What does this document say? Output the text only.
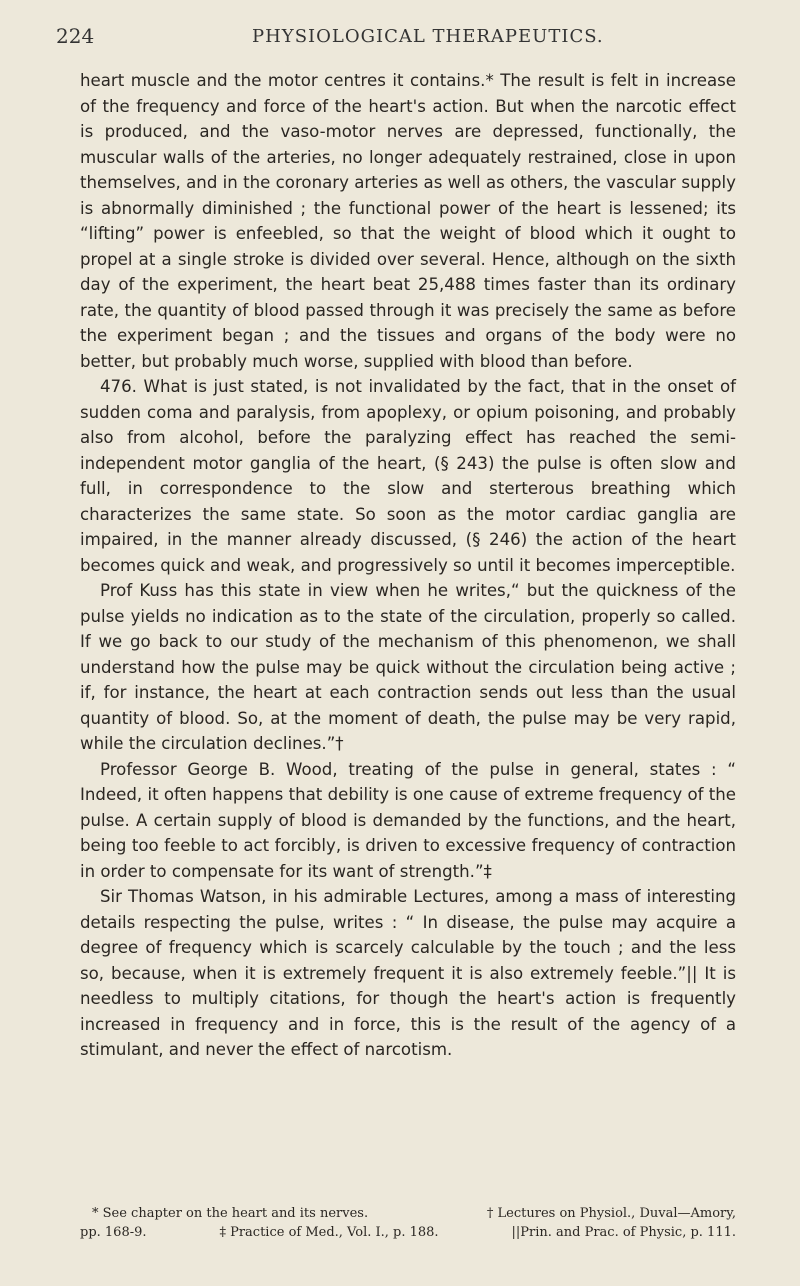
224	PHYSIOLOGICAL THERAPEUTICS.

heart muscle and the motor centres it contains.* The result is felt in increase of the frequency and force of the heart's action. But when the narcotic effect is produced, and the vaso-motor nerves are depressed, functionally, the muscular walls of the arteries, no longer adequately restrained, close in upon themselves, and in the coronary arteries as well as others, the vascular supply is abnormally diminished ; the functional power of the heart is lessened; its “lifting” power is enfeebled, so that the weight of blood which it ought to propel at a single stroke is divided over several. Hence, although on the sixth day of the experiment, the heart beat 25,488 times faster than its ordinary rate, the quantity of blood passed through it was precisely the same as before the experiment began ; and the tissues and organs of the body were no better, but probably much worse, supplied with blood than before.

476. What is just stated, is not invalidated by the fact, that in the onset of sudden coma and paralysis, from apoplexy, or opium poisoning, and probably also from alcohol, before the paralyzing effect has reached the semi-independent motor ganglia of the heart, (§ 243) the pulse is often slow and full, in correspondence to the slow and sterterous breathing which characterizes the same state. So soon as the motor cardiac ganglia are impaired, in the manner already discussed, (§ 246) the action of the heart becomes quick and weak, and progressively so until it becomes imperceptible.

Prof Kuss has this state in view when he writes,“ but the quickness of the pulse yields no indication as to the state of the circulation, properly so called. If we go back to our study of the mechanism of this phenomenon, we shall understand how the pulse may be quick without the circulation being active ; if, for instance, the heart at each contraction sends out less than the usual quantity of blood. So, at the moment of death, the pulse may be very rapid, while the circulation declines.”†

Professor George B. Wood, treating of the pulse in general, states : “ Indeed, it often happens that debility is one cause of extreme frequency of the pulse. A certain supply of blood is demanded by the functions, and the heart, being too feeble to act forcibly, is driven to excessive frequency of contraction in order to compensate for its want of strength.”‡

Sir Thomas Watson, in his admirable Lectures, among a mass of interesting details respecting the pulse, writes : “ In disease, the pulse may acquire a degree of frequency which is scarcely calculable by the touch ; and the less so, because, when it is extremely frequent it is also extremely feeble.”|| It is needless to multiply citations, for though the heart's action is frequently increased in frequency and in force, this is the result of the agency of a stimulant, and never the effect of narcotism.

* See chapter on the heart and its nerves.	† Lectures on Physiol., Duval—Amory,
pp. 168-9.	‡ Practice of Med., Vol. I., p. 188.	||Prin. and Prac. of Physic, p. 111.
